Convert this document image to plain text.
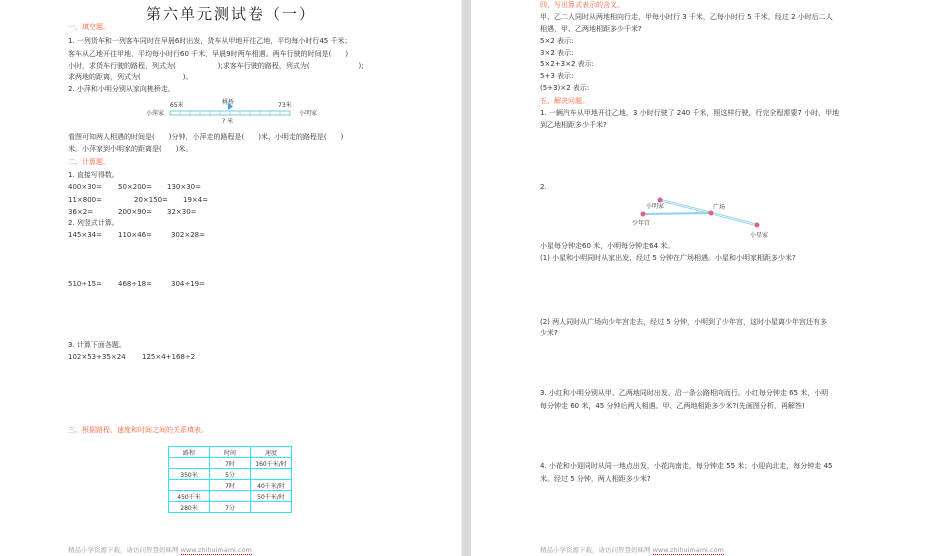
第六单元测试卷（一）
一、填空题。
1. 一列货车和一列客车同时在早晨6时出发，货车从甲地开往乙地，平均每小时行45 千米；
客车从乙地开往甲地，平均每小时行60 千米，早晨9时两车相遇。两车行驶的时间是(　　)
小时，求货车行驶的路程，列式为(　　　　　　);求客车行驶的路程，列式为(　　　　　　　);
求两地的距离，列式为(　　　　　　)。
2. 小萍和小明分别从家向桃桥走。
小萍家	小明家
65米	73米
桃桥
? 米
看图可知两人相遇的时间是(　　)分钟，小萍走的路程是(　　)米，小明走的路程是(　　)
米。小萍家到小明家的距离是(　　)米。
二、计算题。
1. 直接写得数。
400×30= 50×200= 130×30=
11×800=	20×150= 19×4=
36×2=	200×90= 32×30=
2. 列竖式计算。
145×34= 110×46=	302×28=
510÷15= 468÷18=	304÷19=
3. 计算下面各题。
102×53+35×24 125×4+168÷2
三、根据路程、速度和时间之间的关系填表。
路程	时间	速度
	7时	160千米/时
350米	5分	
	7时	40千米/时
450千米		50千米/时
280米	7分	
精品小学资源下载，请访问智慧妈咪网 www.zhihuimami.com
四、写出算式表示的含义。
甲、乙二人同时从两地相向行走，甲每小时行 3 千米，乙每小时行 5 千米，经过 2 小时后二人
相遇，甲、乙两地相距多少千米?
5×2 表示:
3×2 表示:
5×2+3×2 表示:
5+3 表示:
(5+3)×2 表示:
五、解决问题。
1. 一辆汽车从甲地开往乙地，3 小时行驶了 240 千米，照这样行驶，行完全程需要7 小时，甲地
到乙地相距多少千米?
2.
小明家	广场
少年宫
小星家
小星每分钟走60 米，小明每分钟走64 米。
(1) 小星和小明同时从家出发，经过 5 分钟在广场相遇。小星和小明家相距多少米?
(2) 两人同时从广场向少年宫走去，经过 5 分钟，小明到了少年宫，这时小星离少年宫还有多
少米?
3. 小红和小明分别从甲、乙两地同时出发，沿一条公路相向而行。小红每分钟走 65 米，小明
每分钟走 60 米，45 分钟后两人相遇。甲、乙两地相距多少米?(先画图分析，再解答)
4. 小花和小迎同时从同一地点出发，小花向南走，每分钟走 55 米；小迎向北走，每分钟走 45
米。经过 5 分钟，两人相距多少米?
精品小学资源下载，请访问智慧妈咪网 www.zhihuimami.com
